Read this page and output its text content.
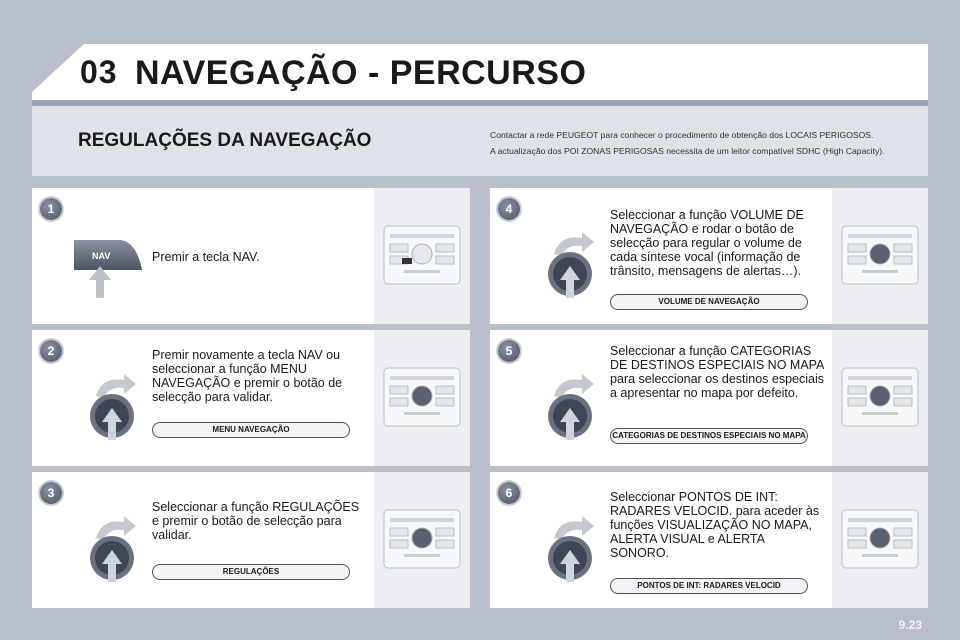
03 NAVEGAÇÃO - PERCURSO
REGULAÇÕES DA NAVEGAÇÃO	Contactar a rede PEUGEOT para conhecer o procedimento de obtenção dos LOCAIS PERIGOSOS.
A actualização dos POI ZONAS PERIGOSAS necessita de um leitor compatível SDHC (High Capacity).
1
NAV	Premir a tecla NAV.
2	Premir novamente a tecla NAV ou seleccionar a função MENU NAVEGAÇÃO e premir o botão de selecção para validar.
MENU NAVEGAÇÃO
3
Seleccionar a função REGULAÇÕES e premir o botão de selecção para validar.
REGULAÇÕES
4	Seleccionar a função VOLUME DE NAVEGAÇÃO e rodar o botão de selecção para regular o volume de cada síntese vocal (informação de trânsito, mensagens de alertas…).
VOLUME DE NAVEGAÇÃO
5	Seleccionar a função CATEGORIAS DE DESTINOS ESPECIAIS NO MAPA para seleccionar os destinos especiais a apresentar no mapa por defeito.
CATEGORIAS DE DESTINOS ESPECIAIS NO MAPA
6	Seleccionar PONTOS DE INT: RADARES VELOCID. para aceder às funções VISUALIZAÇÃO NO MAPA, ALERTA VISUAL e ALERTA SONORO.
PONTOS DE INT: RADARES VELOCID
9.23
